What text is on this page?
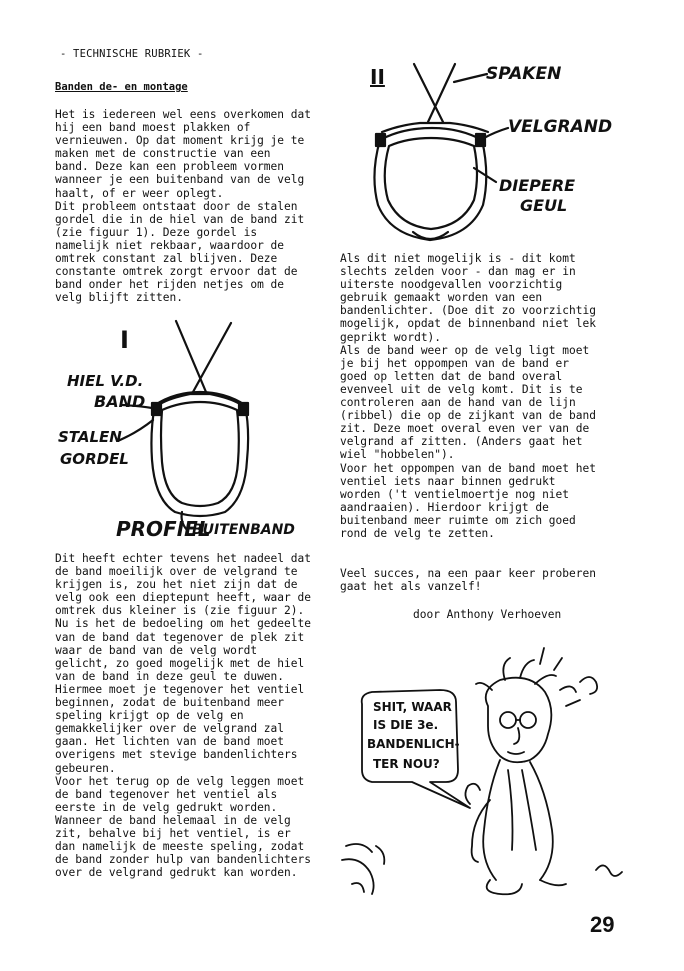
- TECHNISCHE RUBRIEK -
Banden de- en montage

Het is iedereen wel eens overkomen dat

hij een band moest plakken of

vernieuwen. Op dat moment krijg je te

maken met de constructie van een

band. Deze kan een probleem vormen

wanneer je een buitenband van de velg

haalt, of er weer oplegt.

Dit probleem ontstaat door de stalen

gordel die in de hiel van de band zit

(zie figuur 1). Deze gordel is

namelijk niet rekbaar, waardoor de

omtrek constant zal blijven. Deze

constante omtrek zorgt ervoor dat de

band onder het rijden netjes om de

velg blijft zitten.

Dit heeft echter tevens het nadeel dat

de band moeilijk over de velgrand te

krijgen is, zou het niet zijn dat de

velg ook een dieptepunt heeft, waar de

omtrek dus kleiner is (zie figuur 2).

Nu is het de bedoeling om het gedeelte

van de band dat tegenover de plek zit

waar de band van de velg wordt

gelicht, zo goed mogelijk met de hiel

van de band in deze geul te duwen.

Hiermee moet je tegenover het ventiel

beginnen, zodat de buitenband meer

speling krijgt op de velg en

gemakkelijker over de velgrand zal

gaan. Het lichten van de band moet

overigens met stevige bandenlichters

gebeuren.

Voor het terug op de velg leggen moet

de band tegenover het ventiel als

eerste in de velg gedrukt worden.

Wanneer de band helemaal in de velg

zit, behalve bij het ventiel, is er

dan namelijk de meeste speling, zodat

de band zonder hulp van bandenlichters

over de velgrand gedrukt kan worden.

Als dit niet mogelijk is - dit komt

slechts zelden voor - dan mag er in

uiterste noodgevallen voorzichtig

gebruik gemaakt worden van een

bandenlichter. (Doe dit zo voorzichtig

mogelijk, opdat de binnenband niet lek

geprikt wordt).

Als de band weer op de velg ligt moet

je bij het oppompen van de band er

goed op letten dat de band overal

evenveel uit de velg komt. Dit is te

controleren aan de hand van de lijn

(ribbel) die op de zijkant van de band

zit. Deze moet overal even ver van de

velgrand af zitten. (Anders gaat het

wiel "hobbelen").

Voor het oppompen van de band moet het

ventiel iets naar binnen gedrukt

worden ('t ventielmoertje nog niet

aandraaien). Hierdoor krijgt de

buitenband meer ruimte om zich goed

rond de velg te zetten.

Veel succes, na een paar keer proberen

gaat het als vanzelf!

door Anthony Verhoeven
I
HIEL V.D.
BAND
STALEN
GORDEL
PROFIEL
BUITENBAND
II	SPAKEN
VELGRAND
DIEPERE
GEUL
SHIT, WAAR
IS DIE 3e.
BANDENLICH-
TER NOU?
29
